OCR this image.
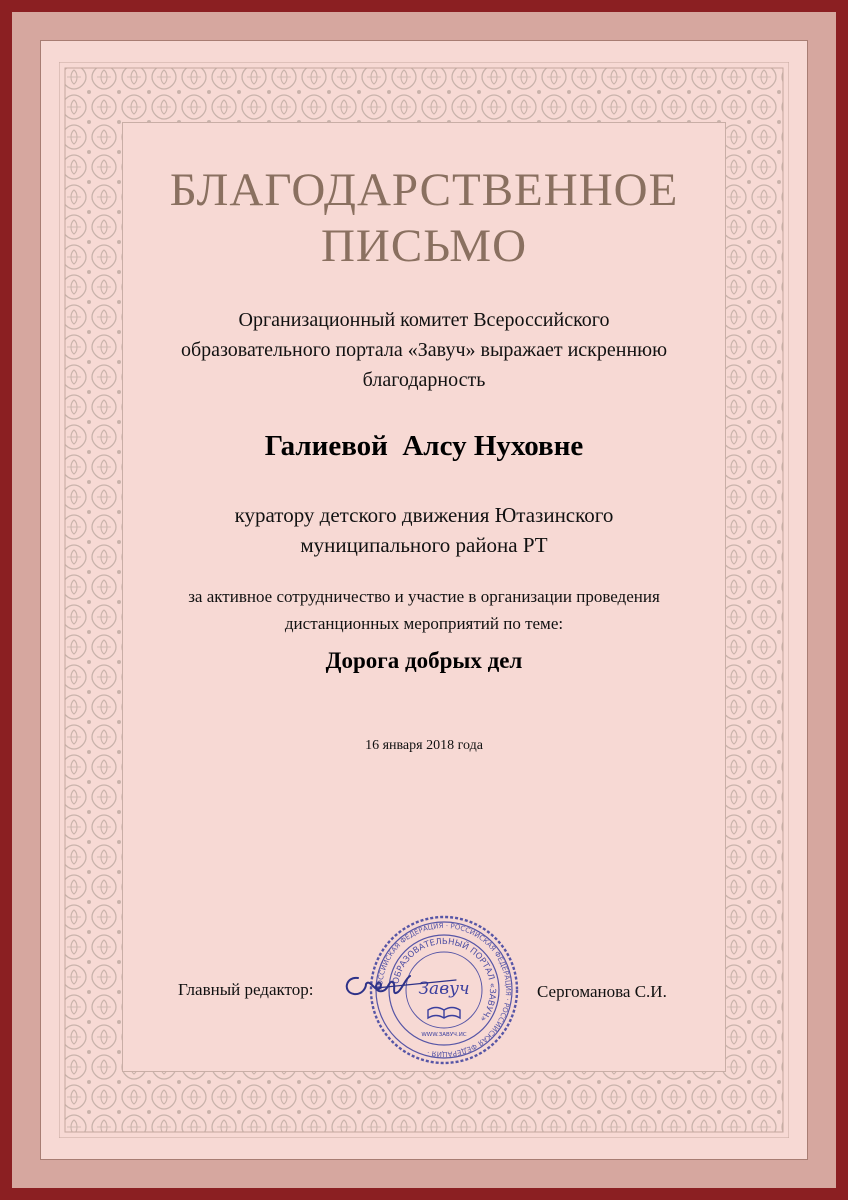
БЛАГОДАРСТВЕННОЕ
ПИСЬМО
Организационный комитет Всероссийского
образовательного портала «Завуч» выражает искреннюю
благодарность
Галиевой  Алсу Нуховне
куратору детского движения Ютазинского
муниципального района РТ
за активное сотрудничество и участие в организации проведения
дистанционных мероприятий по теме:
Дорога добрых дел
16 января 2018 года
Главный редактор:	Сергоманова С.И.
РОССИЙСКАЯ ФЕДЕРАЦИЯ · РОССИЙСКАЯ ФЕДЕРАЦИЯ · РОССИЙСКАЯ ФЕДЕРАЦИЯ ·
ОБРАЗОВАТЕЛЬНЫЙ ПОРТАЛ «ЗАВУЧ»
Завуч
WWW.ЗАВУЧ.ИС
